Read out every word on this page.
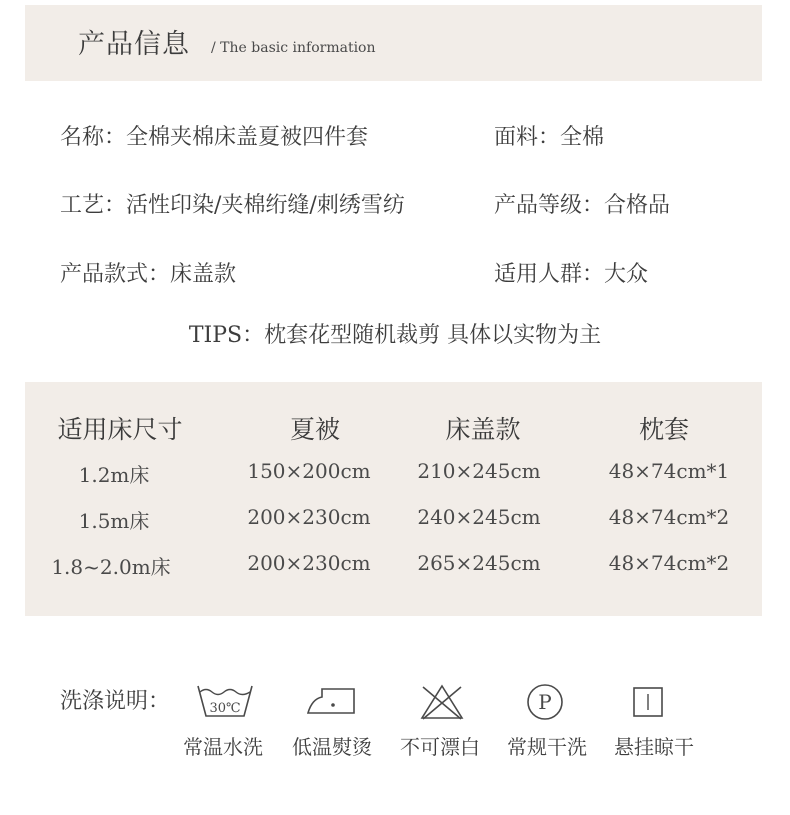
产品信息 / The basic information
名称：全棉夹棉床盖夏被四件套	面料：全棉
工艺：活性印染/夹棉绗缝/刺绣雪纺	产品等级：合格品
产品款式：床盖款	适用人群：大众
TIPS：枕套花型随机裁剪 具体以实物为主
适用床尺寸	夏被	床盖款	枕套
1.2m床	150×200cm 210×245cm	48×74cm*1
1.5m床	200×230cm 240×245cm	48×74cm*2
1.8~2.0m床	200×230cm 265×245cm	48×74cm*2
洗涤说明：	30℃	P
常温水洗 低温熨烫 不可漂白 常规干洗 悬挂晾干
